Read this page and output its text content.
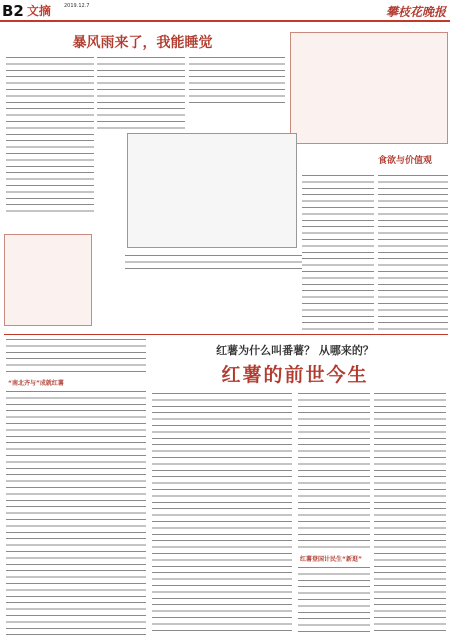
B2 文摘	2019.12.7	攀枝花晚报
暴风雨来了，我能睡觉
食欲与价值观
红薯为什么叫番薯？ 从哪来的？
红薯的前世今生
“南北齐与”成就红薯
红薯登国计民生“新逛”
